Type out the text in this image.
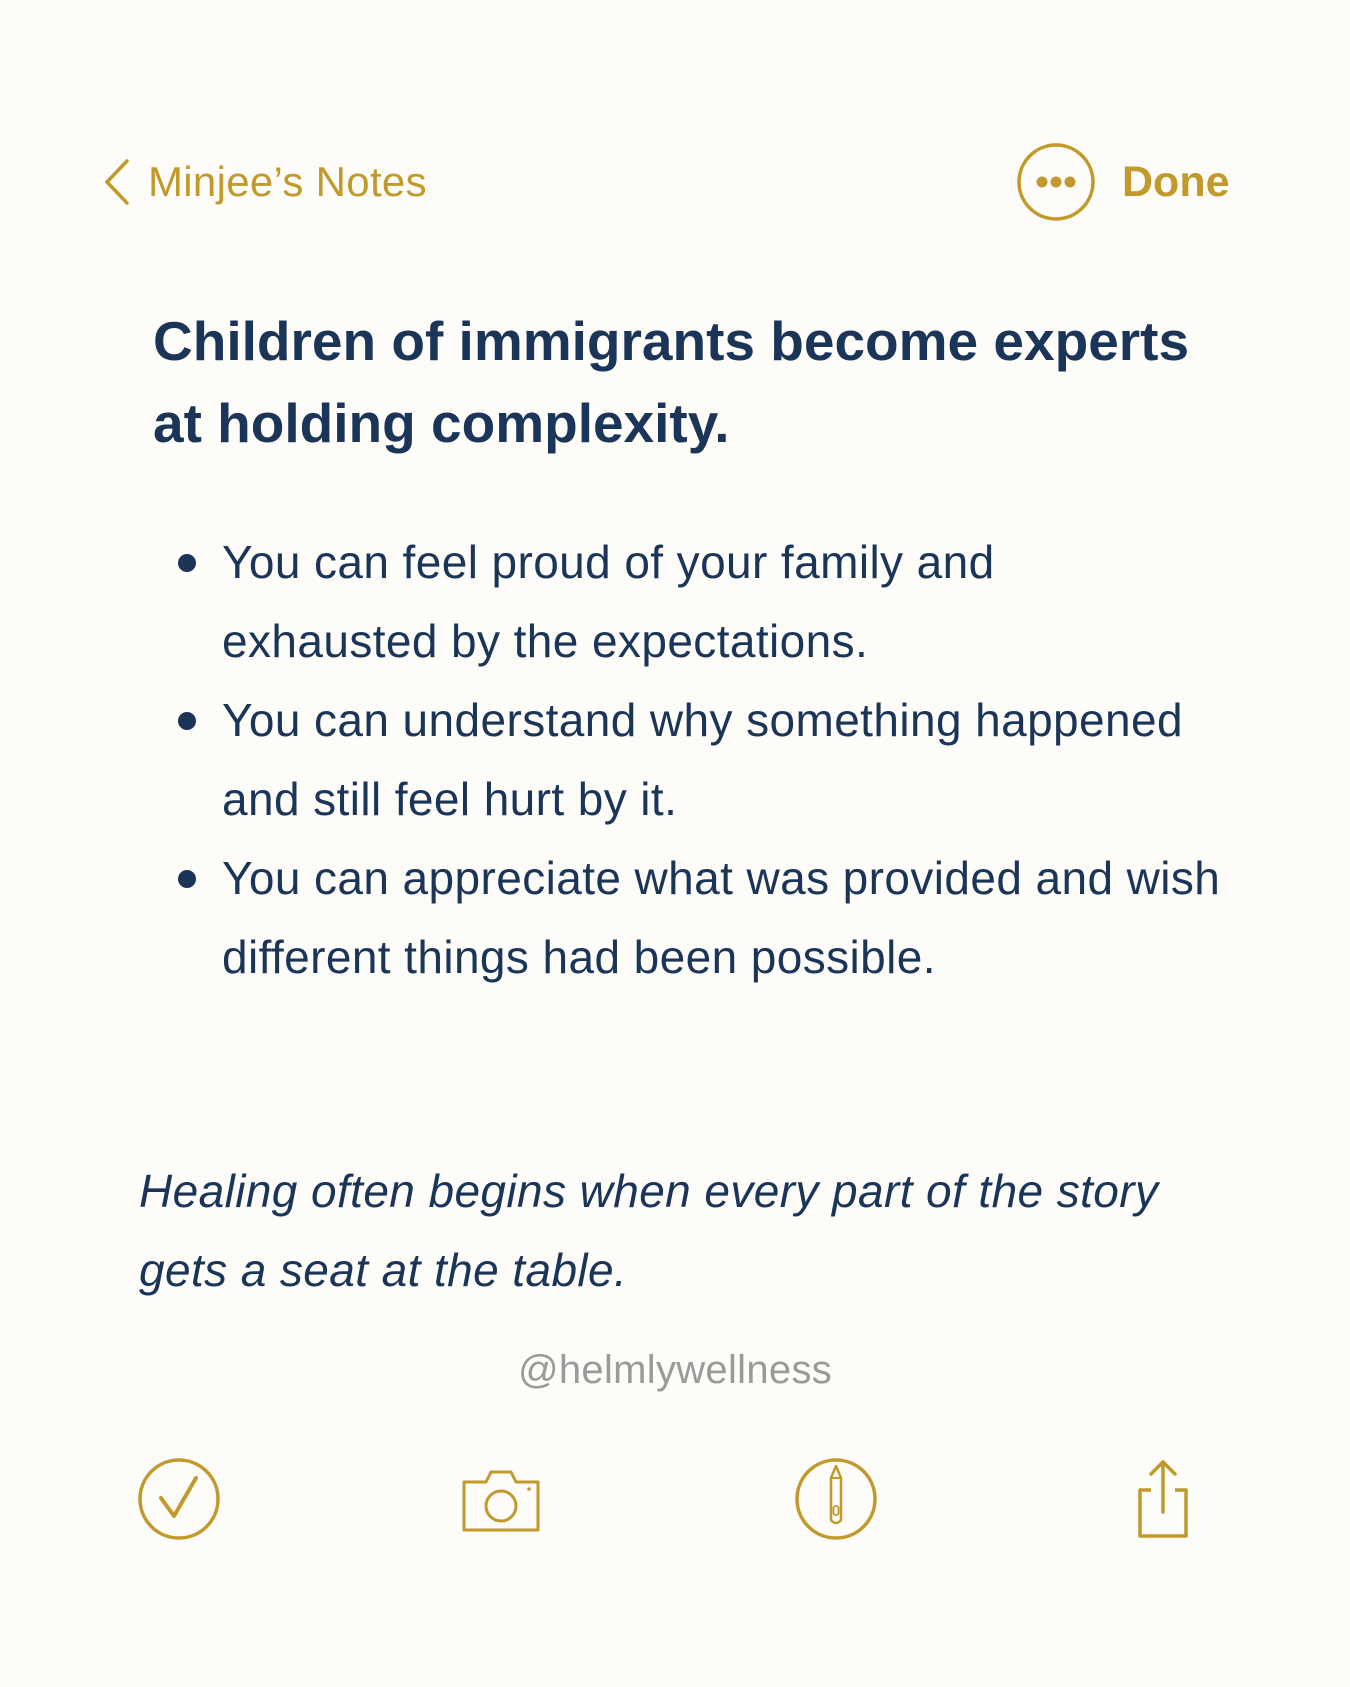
Minjee’s Notes	Done
Children of immigrants become experts at holding complexity.
You can feel proud of your family and exhausted by the expectations.
You can understand why something happened and still feel hurt by it.
You can appreciate what was provided and wish different things had been possible.

Healing often begins when every part of the story gets a seat at the table.

@helmlywellness
